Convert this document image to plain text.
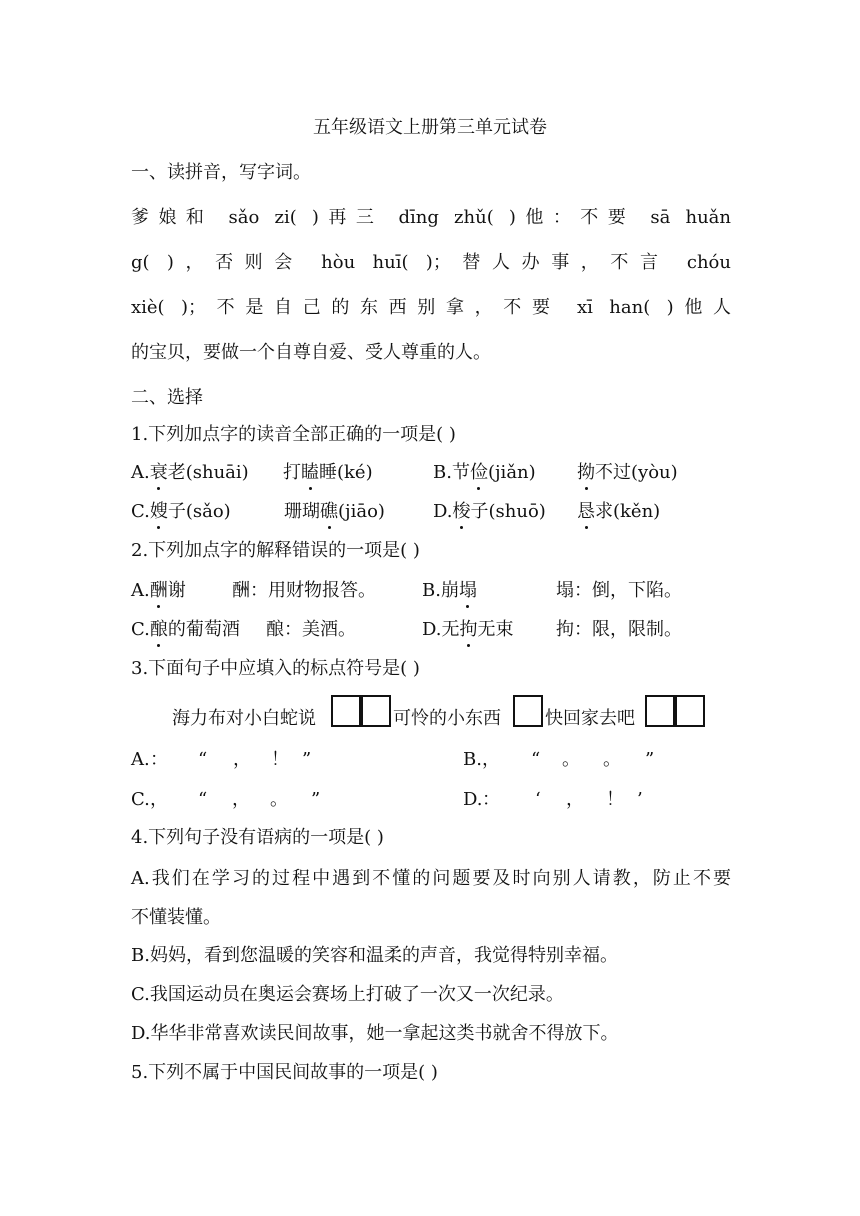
五年级语文上册第三单元试卷
一、读拼音，写字词。
爹娘和 sǎo zi( )再三 dīng zhǔ( )他：不要 sā huǎn
g( )，否则会 hòu huī( )；替人办事，不言 chóu
xiè( )；不是自己的东西别拿，不要 xī han( )他人
的宝贝，要做一个自尊自爱、受人尊重的人。
二、选择
1.下列加点字的读音全部正确的一项是( )
A.衰老(shuāi) 打瞌睡(ké)	B.节俭(jiǎn) 拗不过(yòu)
C.嫂子(sǎo)	珊瑚礁(jiāo)	D.梭子(shuō) 恳求(kěn)
2.下列加点字的解释错误的一项是( )
A.酬谢	酬：用财物报答。	B.崩塌	塌：倒，下陷。
C.酿的葡萄酒 酿：美酒。	D.无拘无束 拘：限，限制。
3.下面句子中应填入的标点符号是( )
海力布对小白蛇说	可怜的小东西 快回家去吧
A. ： “ ， ！ ”	B. ， “ 。 。 ”
C. ， “ ， 。 ”	D. ： ‘ ， ！ ’
4.下列句子没有语病的一项是( )
A.我们在学习的过程中遇到不懂的问题要及时向别人请教，防止不要
不懂装懂。
B.妈妈，看到您温暖的笑容和温柔的声音，我觉得特别幸福。
C.我国运动员在奥运会赛场上打破了一次又一次纪录。
D.华华非常喜欢读民间故事，她一拿起这类书就舍不得放下。
5.下列不属于中国民间故事的一项是( )
